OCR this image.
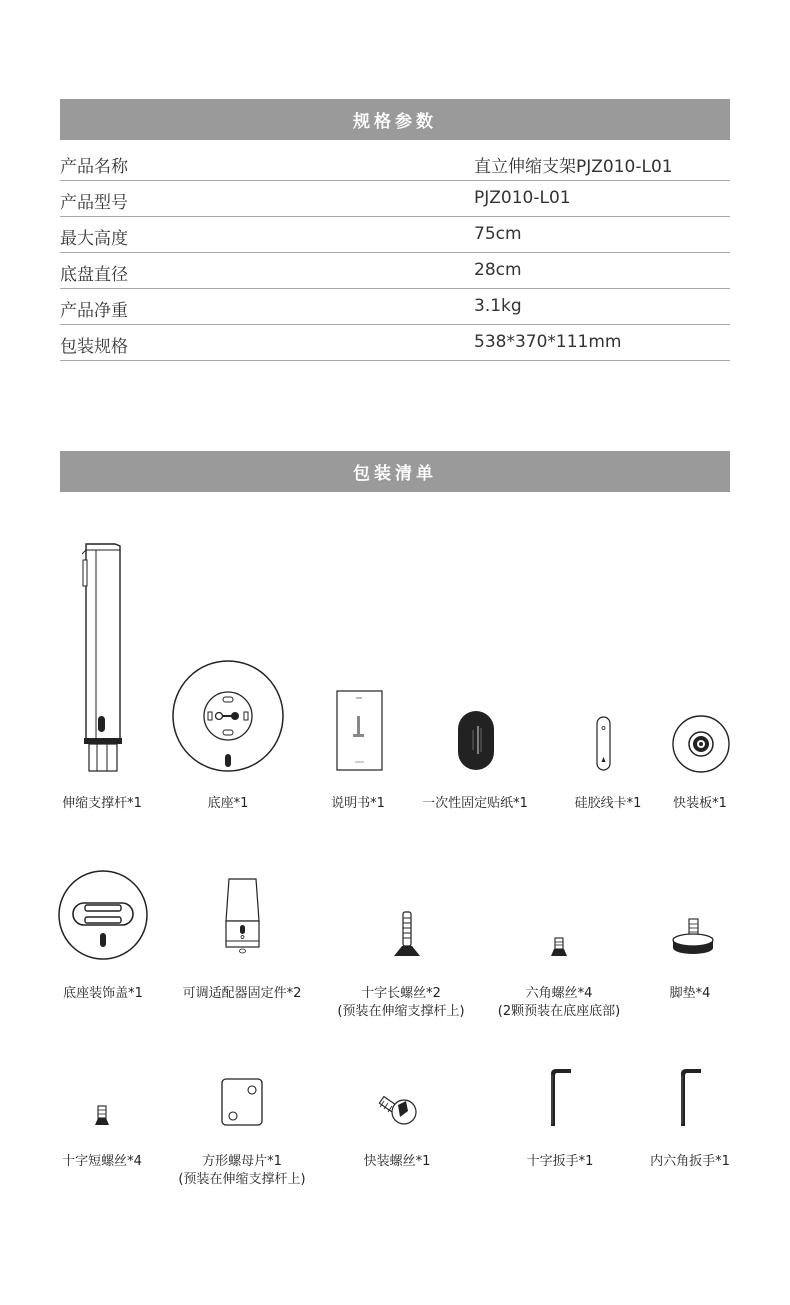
规格参数
产品名称	直立伸缩支架PJZ010-L01
产品型号	PJZ010-L01
最大高度	75cm
底盘直径	28cm
产品净重	3.1kg
包装规格	538*370*111mm
包装清单
伸缩支撑杆*1	底座*1	说明书*1	一次性固定贴纸*1	硅胶线卡*1	快装板*1
底座装饰盖*1	可调适配器固定件*2	十字长螺丝*2
(预装在伸缩支撑杆上)
六角螺丝*4
(2颗预装在底座底部)
脚垫*4
十字短螺丝*4	方形螺母片*1
(预装在伸缩支撑杆上)
快装螺丝*1	十字扳手*1	内六角扳手*1
